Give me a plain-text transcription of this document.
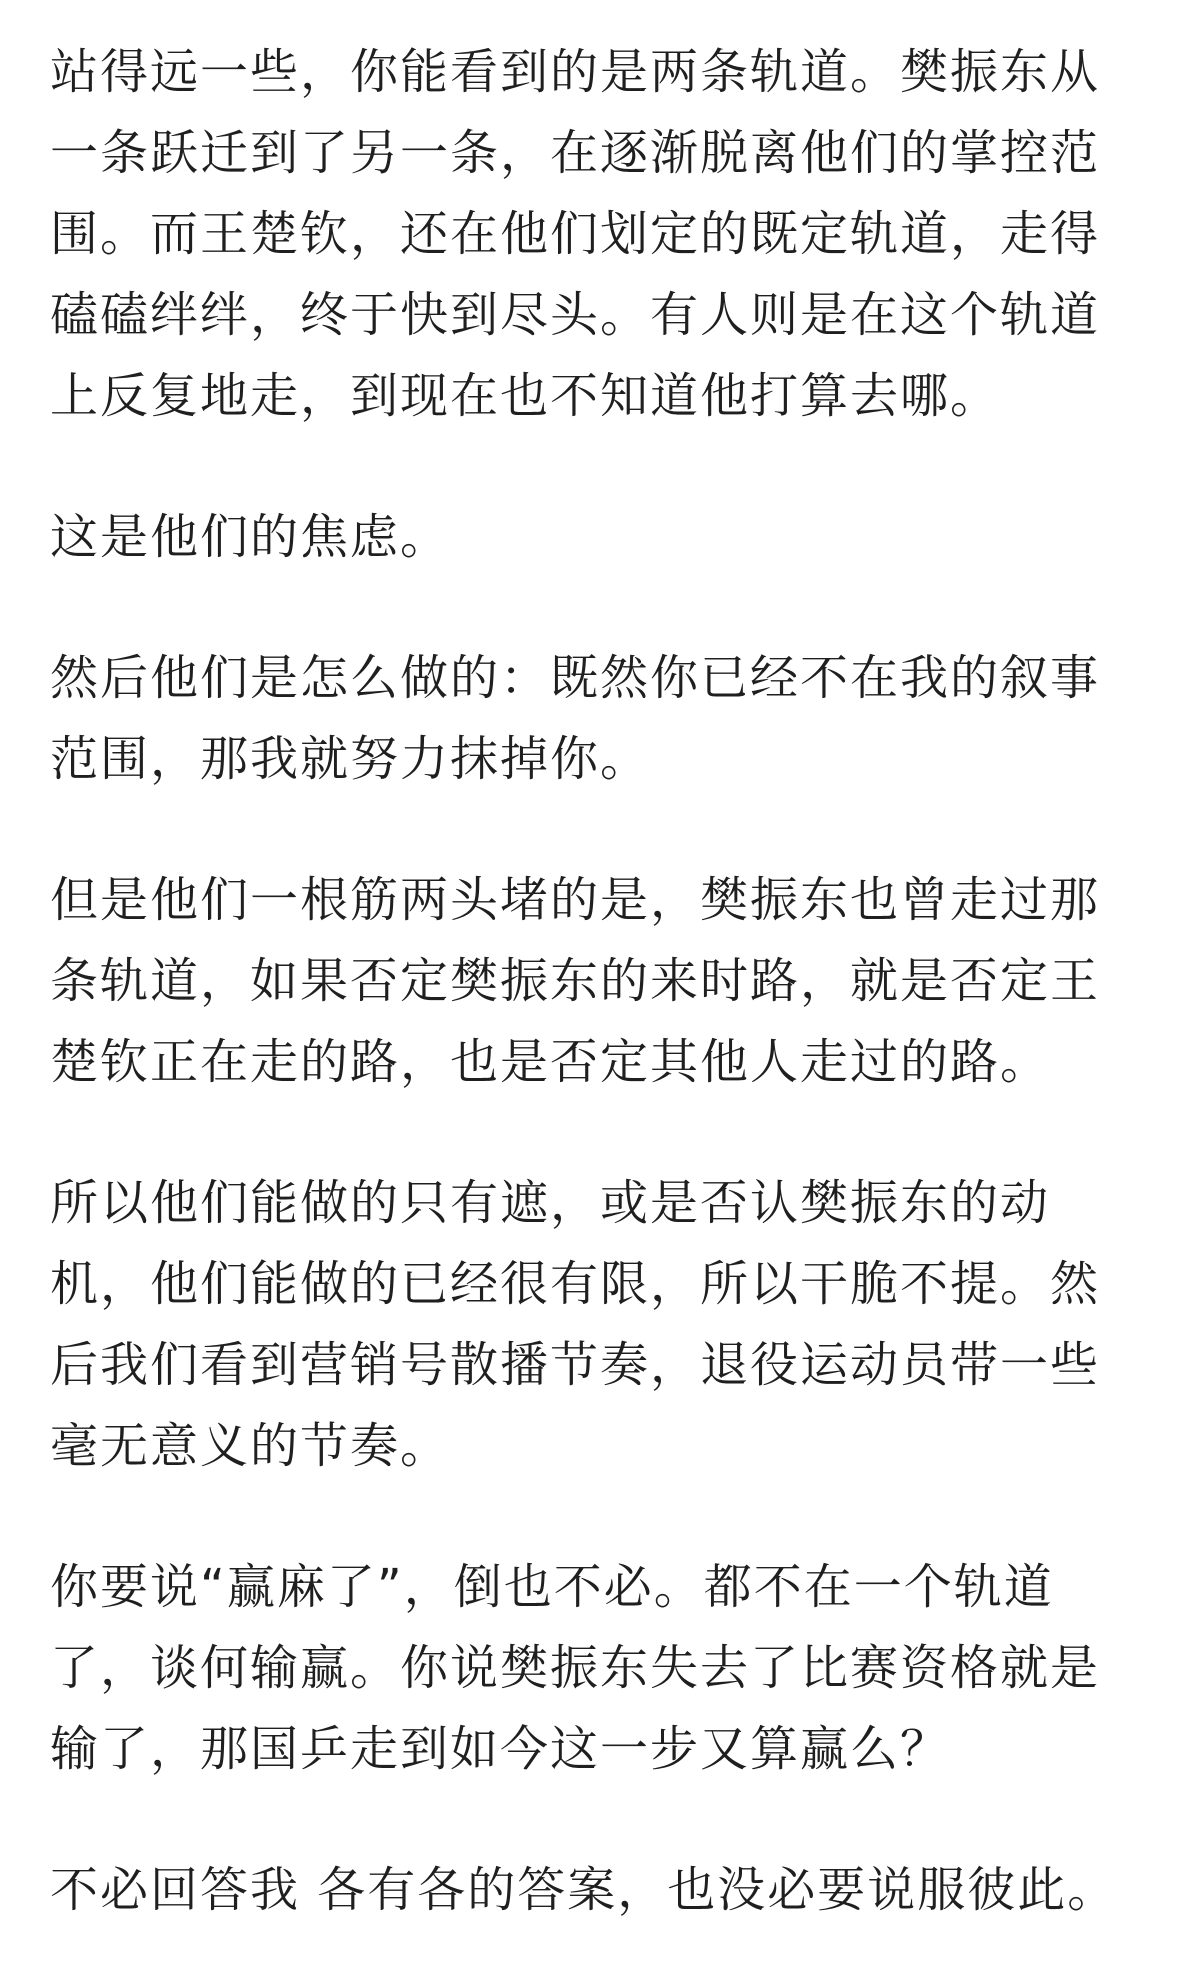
站得远一些，你能看到的是两条轨道。樊振东从
一条跃迁到了另一条，在逐渐脱离他们的掌控范
围。而王楚钦，还在他们划定的既定轨道，走得
磕磕绊绊，终于快到尽头。有人则是在这个轨道
上反复地走，到现在也不知道他打算去哪。

这是他们的焦虑。

然后他们是怎么做的：既然你已经不在我的叙事
范围，那我就努力抹掉你。

但是他们一根筋两头堵的是，樊振东也曾走过那
条轨道，如果否定樊振东的来时路，就是否定王
楚钦正在走的路，也是否定其他人走过的路。

所以他们能做的只有遮，或是否认樊振东的动
机，他们能做的已经很有限，所以干脆不提。然
后我们看到营销号散播节奏，退役运动员带一些
毫无意义的节奏。

你要说“赢麻了”，倒也不必。都不在一个轨道
了，谈何输赢。你说樊振东失去了比赛资格就是
输了，那国乒走到如今这一步又算赢么？

不必回答我 各有各的答案，也没必要说服彼此。
